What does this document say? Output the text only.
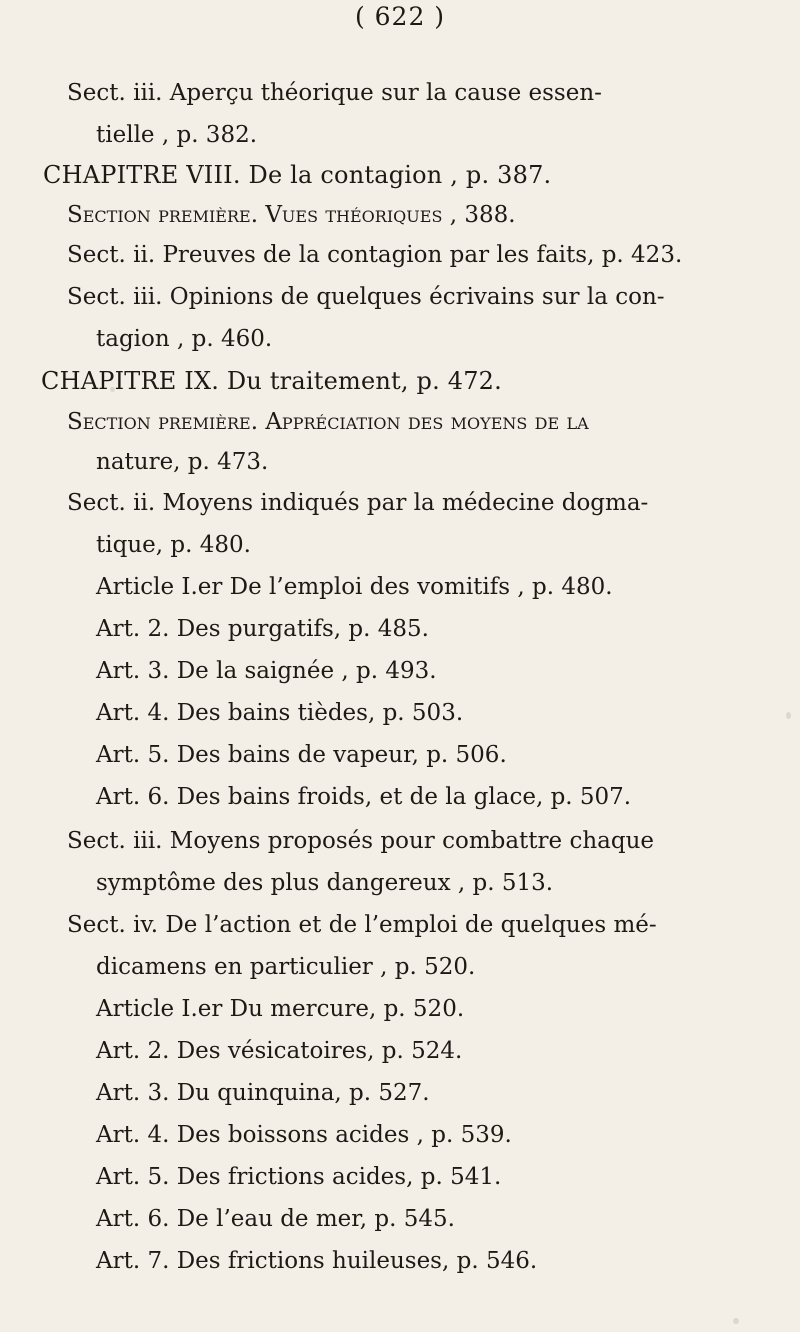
( 622 )
Sect. iii. Aperçu théorique sur la cause essen-
tielle , p. 382.
CHAPITRE VIII. De la contagion , p. 387.
Section première. Vues théoriques , 388.
Sect. ii. Preuves de la contagion par les faits, p. 423.
Sect. iii. Opinions de quelques écrivains sur la con-
tagion , p. 460.
CHAPITRE IX. Du traitement, p. 472.
Section première. Appréciation des moyens de la
nature, p. 473.
Sect. ii. Moyens indiqués par la médecine dogma-
tique, p. 480.
Article I.er De l’emploi des vomitifs , p. 480.
Art. 2. Des purgatifs, p. 485.
Art. 3. De la saignée , p. 493.
Art. 4. Des bains tièdes, p. 503.
Art. 5. Des bains de vapeur, p. 506.
Art. 6. Des bains froids, et de la glace, p. 507.
Sect. iii. Moyens proposés pour combattre chaque
symptôme des plus dangereux , p. 513.
Sect. iv. De l’action et de l’emploi de quelques mé-
dicamens en particulier , p. 520.
Article I.er Du mercure, p. 520.
Art. 2. Des vésicatoires, p. 524.
Art. 3. Du quinquina, p. 527.
Art. 4. Des boissons acides , p. 539.
Art. 5. Des frictions acides, p. 541.
Art. 6. De l’eau de mer, p. 545.
Art. 7. Des frictions huileuses, p. 546.
